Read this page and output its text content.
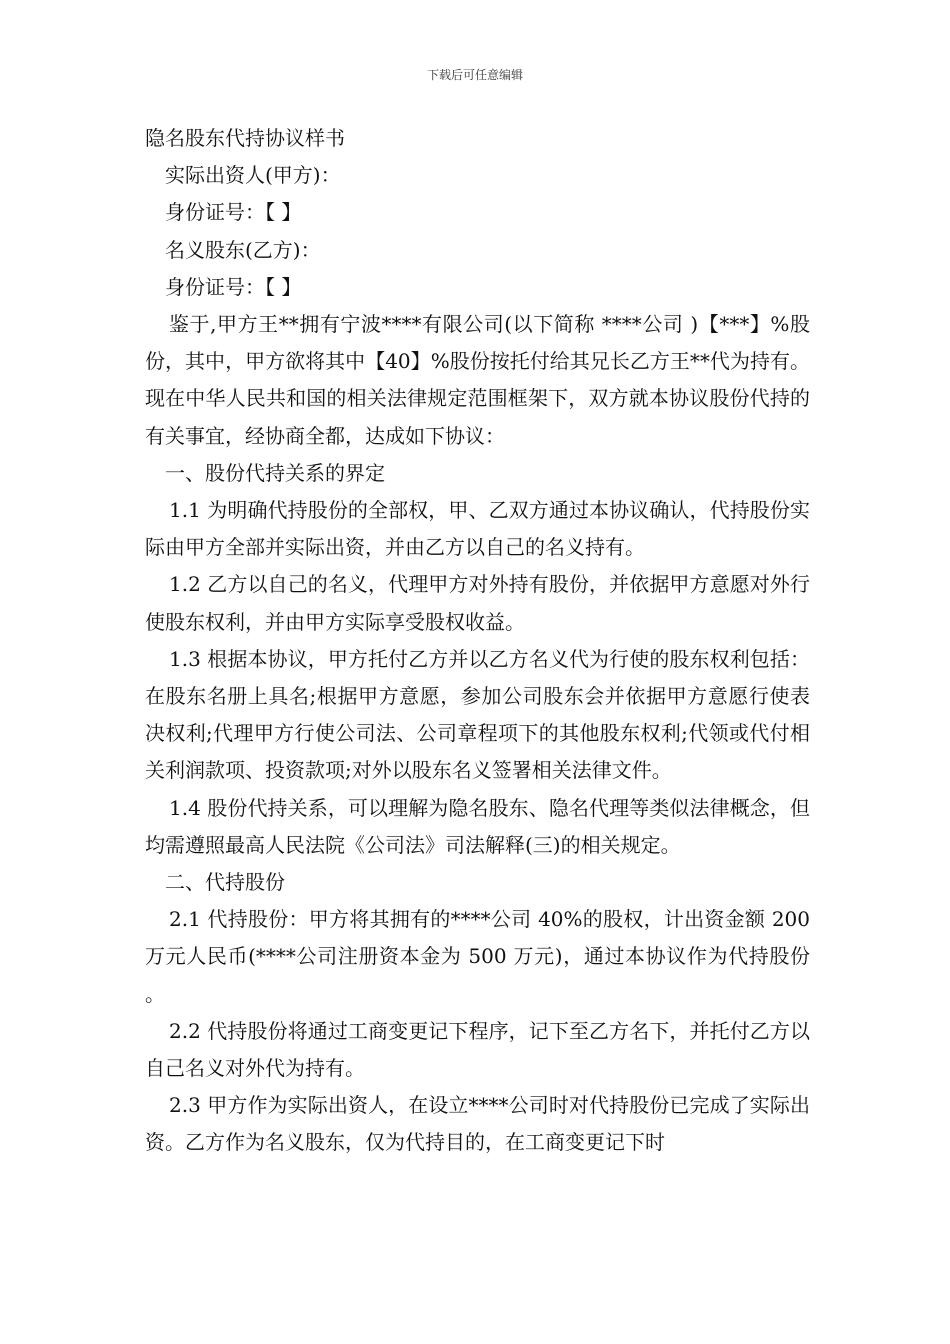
下载后可任意编辑

隐名股东代持协议样书

实际出资人(甲方)：

身份证号：【 】

名义股东(乙方)：

身份证号：【 】

鉴于,甲方王**拥有宁波****有限公司(以下简称 ****公司 )【***】%股份，其中，甲方欲将其中【40】%股份按托付给其兄长乙方王**代为持有。现在中华人民共和国的相关法律规定范围框架下，双方就本协议股份代持的有关事宜，经协商全都，达成如下协议：

一、股份代持关系的界定

1.1 为明确代持股份的全部权，甲、乙双方通过本协议确认，代持股份实际由甲方全部并实际出资，并由乙方以自己的名义持有。

1.2 乙方以自己的名义，代理甲方对外持有股份，并依据甲方意愿对外行使股东权利，并由甲方实际享受股权收益。

1.3 根据本协议，甲方托付乙方并以乙方名义代为行使的股东权利包括：在股东名册上具名;根据甲方意愿，参加公司股东会并依据甲方意愿行使表决权利;代理甲方行使公司法、公司章程项下的其他股东权利;代领或代付相关利润款项、投资款项;对外以股东名义签署相关法律文件。

1.4 股份代持关系，可以理解为隐名股东、隐名代理等类似法律概念，但均需遵照最高人民法院《公司法》司法解释(三)的相关规定。

二、代持股份

2.1 代持股份：甲方将其拥有的****公司 40%的股权，计出资金额 200 万元人民币(****公司注册资本金为 500 万元)，通过本协议作为代持股份 。

2.2 代持股份将通过工商变更记下程序，记下至乙方名下，并托付乙方以自己名义对外代为持有。

2.3 甲方作为实际出资人，在设立****公司时对代持股份已完成了实际出资。乙方作为名义股东，仅为代持目的，在工商变更记下时
